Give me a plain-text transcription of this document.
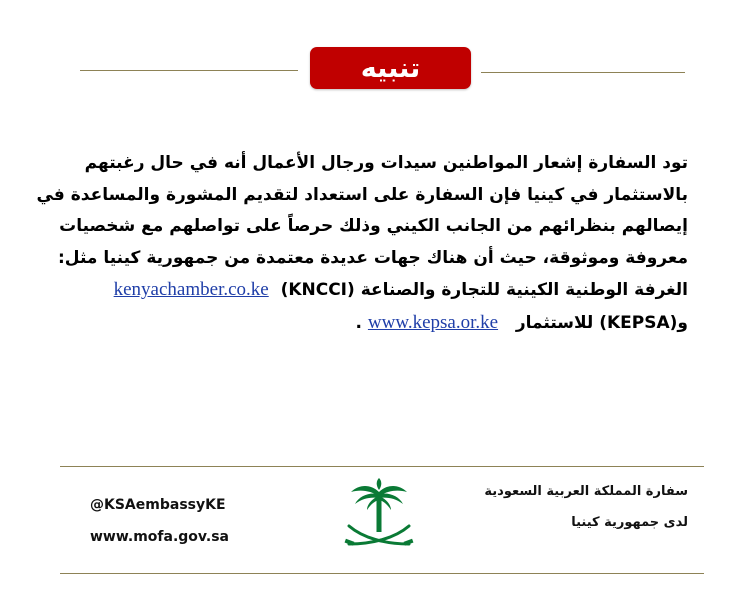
تنبيه
تود السفارة إشعار المواطنين سيدات ورجال الأعمال أنه في حال رغبتهم
بالاستثمار في كينيا فإن السفارة على استعداد لتقديم المشورة والمساعدة في
إيصالهم بنظرائهم من الجانب الكيني وذلك حرصاً على تواصلهم مع شخصيات
معروفة وموثوقة، حيث أن هناك جهات عديدة معتمدة من جمهورية كينيا مثل:
الغرفة الوطنية الكينية للتجارة والصناعة (KNCCI)  kenyachamber.co.ke
و(KEPSA) للاستثمار   www.kepsa.or.ke .
@KSAembassyKE
www.mofa.gov.sa
سفارة المملكة العربية السعودية
لدى جمهورية كينيا
